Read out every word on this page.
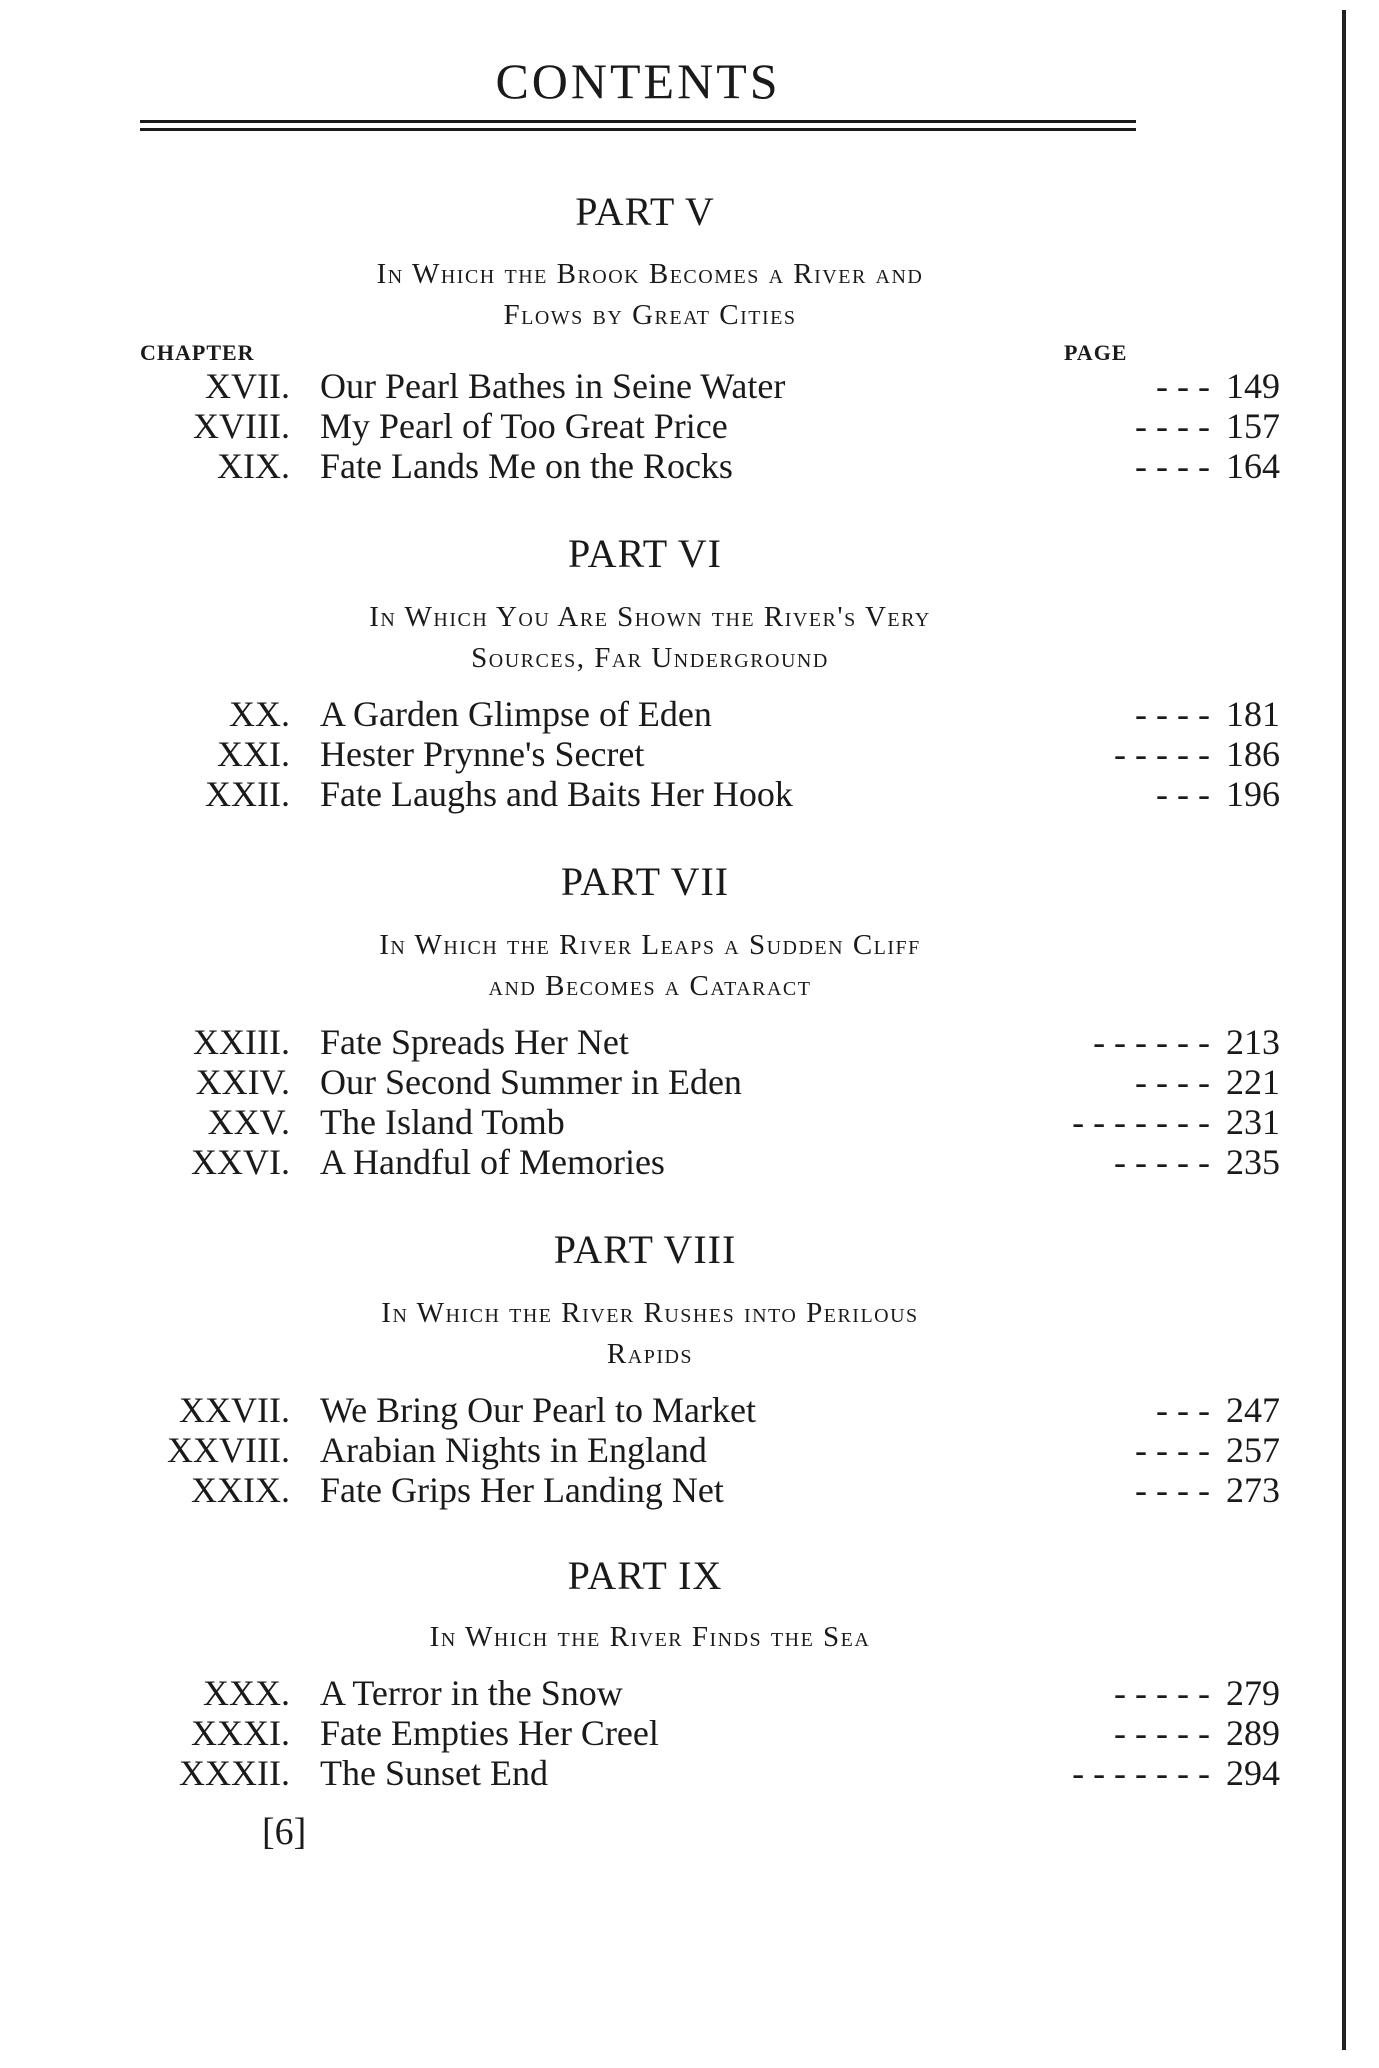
CONTENTS
PART V
In Which the Brook Becomes a River and
Flows by Great Cities
CHAPTER	PAGE
XVII. Our Pearl Bathes in Seine Water	- - - 149
XVIII. My Pearl of Too Great Price	- - - - 157
XIX. Fate Lands Me on the Rocks	- - - - 164
PART VI
In Which You Are Shown the River's Very
Sources, Far Underground
XX. A Garden Glimpse of Eden	- - - - 181
XXI. Hester Prynne's Secret	- - - - - 186
XXII. Fate Laughs and Baits Her Hook	- - - 196
PART VII
In Which the River Leaps a Sudden Cliff
and Becomes a Cataract
XXIII. Fate Spreads Her Net	- - - - - - 213
XXIV. Our Second Summer in Eden	- - - - 221
XXV. The Island Tomb	- - - - - - - 231
XXVI. A Handful of Memories	- - - - - 235
PART VIII
In Which the River Rushes into Perilous
Rapids
XXVII. We Bring Our Pearl to Market	- - - 247
XXVIII. Arabian Nights in England	- - - - 257
XXIX. Fate Grips Her Landing Net	- - - - 273
PART IX
In Which the River Finds the Sea
XXX. A Terror in the Snow	- - - - - 279
XXXI. Fate Empties Her Creel	- - - - - 289
XXXII. The Sunset End	- - - - - - - 294
[6]
